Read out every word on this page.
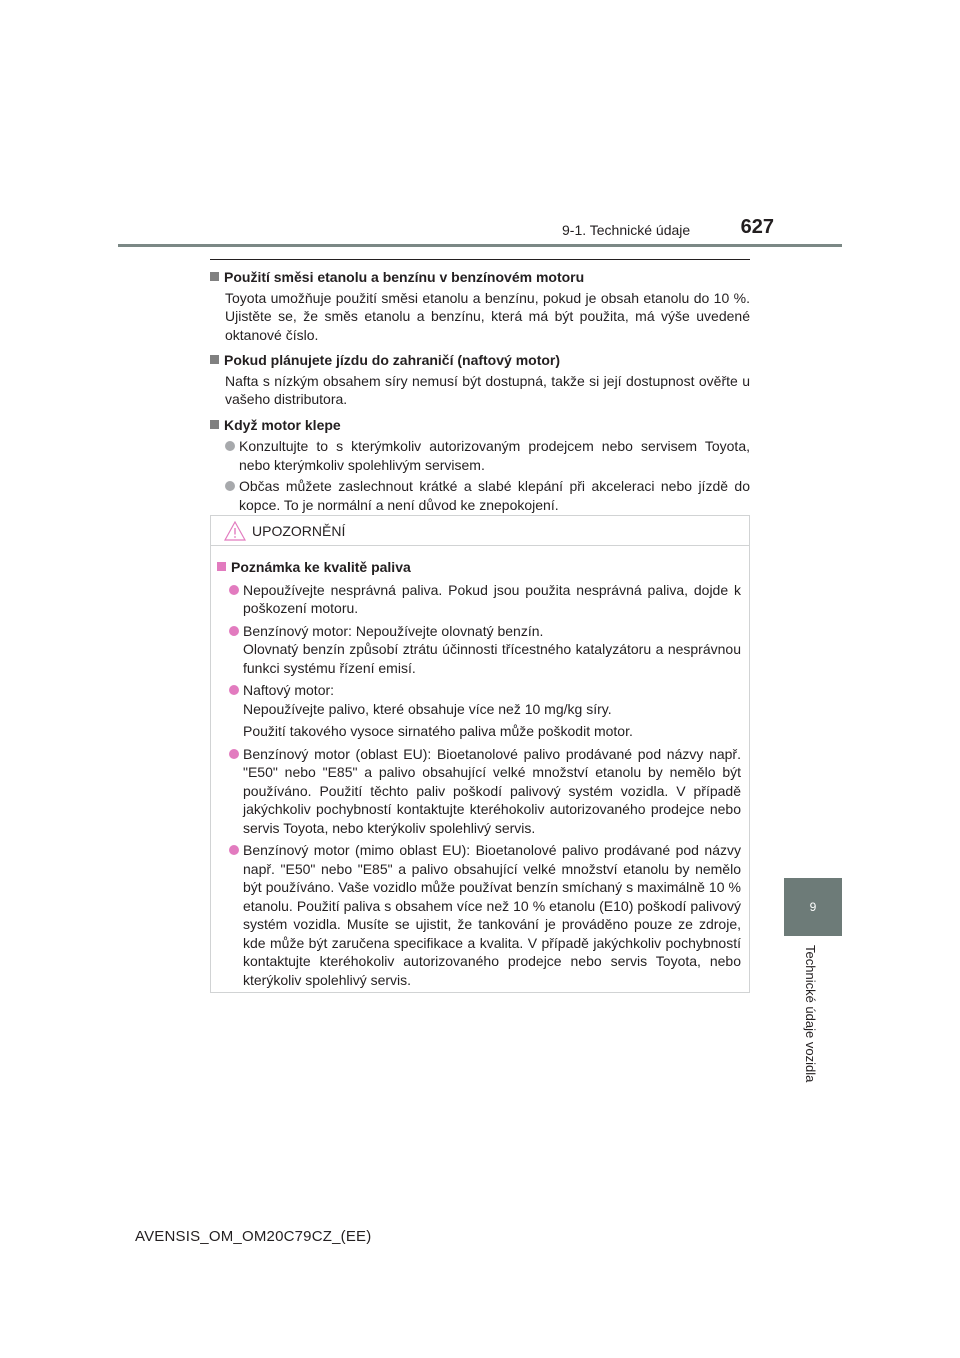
9-1. Technické údaje	627
9
Technické údaje vozidla
Použití směsi etanolu a benzínu v benzínovém motoru
Toyota umožňuje použití směsi etanolu a benzínu, pokud je obsah etanolu do 10 %. Ujistěte se, že směs etanolu a benzínu, která má být použita, má výše uvedené oktanové číslo.
Pokud plánujete jízdu do zahraničí (naftový motor)
Nafta s nízkým obsahem síry nemusí být dostupná, takže si její dostupnost ověřte u vašeho distributora.
Když motor klepe
Konzultujte to s kterýmkoliv autorizovaným prodejcem nebo servisem Toyota, nebo kterýmkoliv spolehlivým servisem.
Občas můžete zaslechnout krátké a slabé klepání při akceleraci nebo jízdě do kopce. To je normální a není důvod ke znepokojení.
UPOZORNĚNÍ
Poznámka ke kvalitě paliva
Nepoužívejte nesprávná paliva. Pokud jsou použita nesprávná paliva, dojde k poškození motoru.
Benzínový motor: Nepoužívejte olovnatý benzín.
Olovnatý benzín způsobí ztrátu účinnosti třícestného katalyzátoru a nesprávnou funkci systému řízení emisí.
Naftový motor:
Nepoužívejte palivo, které obsahuje více než 10 mg/kg síry.
Použití takového vysoce sirnatého paliva může poškodit motor.
Benzínový motor (oblast EU): Bioetanolové palivo prodávané pod názvy např. "E50" nebo "E85" a palivo obsahující velké množství etanolu by nemělo být používáno. Použití těchto paliv poškodí palivový systém vozidla. V případě jakýchkoliv pochybností kontaktujte kteréhokoliv autorizovaného prodejce nebo servis Toyota, nebo kterýkoliv spolehlivý servis.
Benzínový motor (mimo oblast EU): Bioetanolové palivo prodávané pod názvy např. "E50" nebo "E85" a palivo obsahující velké množství etanolu by nemělo být používáno. Vaše vozidlo může používat benzín smíchaný s maximálně 10 % etanolu. Použití paliva s obsahem více než 10 % etanolu (E10) poškodí palivový systém vozidla. Musíte se ujistit, že tankování je prováděno pouze ze zdroje, kde může být zaručena specifikace a kvalita. V případě jakýchkoliv pochybností kontaktujte kteréhokoliv autorizovaného prodejce nebo servis Toyota, nebo kterýkoliv spolehlivý servis.
AVENSIS_OM_OM20C79CZ_(EE)
